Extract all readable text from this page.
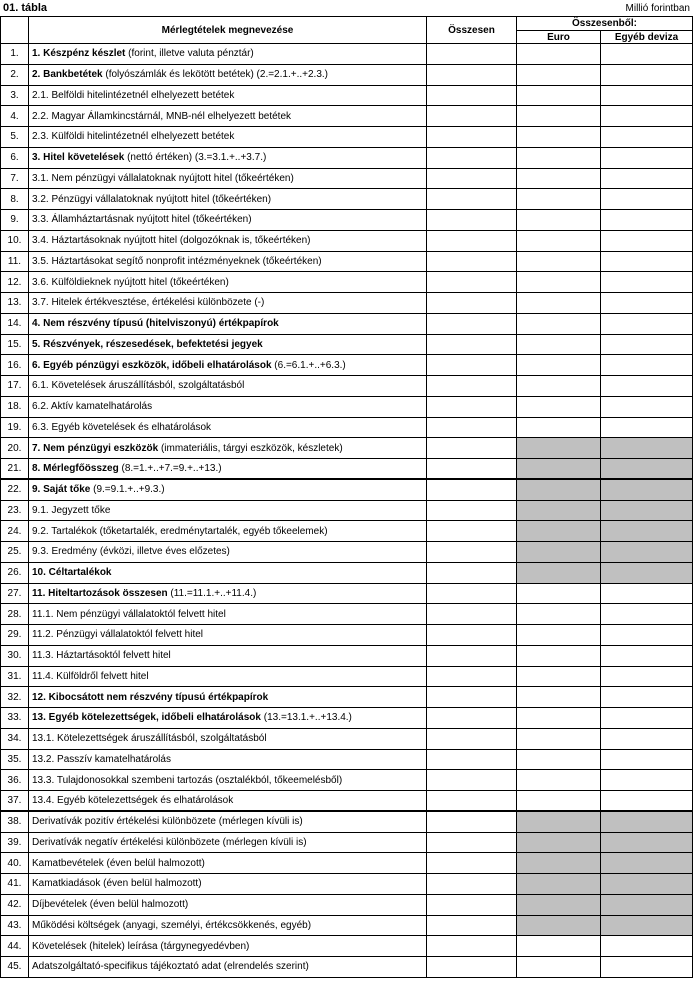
01. tábla	Millió forintban
	Mérlegtételek megnevezése	Összesen	Összesenből:	
			Euro	Egyéb deviza
1.	1. Készpénz készlet (forint, illetve valuta pénztár)			
2.	2. Bankbetétek (folyószámlák és lekötött betétek) (2.=2.1.+..+2.3.)			
3.	2.1. Belföldi hitelintézetnél elhelyezett betétek			
4.	2.2. Magyar Államkincstárnál, MNB-nél elhelyezett betétek			
5.	2.3. Külföldi hitelintézetnél elhelyezett betétek			
6.	3. Hitel követelések (nettó értéken) (3.=3.1.+..+3.7.)			
7.	3.1. Nem pénzügyi vállalatoknak nyújtott hitel (tőkeértéken)			
8.	3.2. Pénzügyi vállalatoknak nyújtott hitel (tőkeértéken)			
9.	3.3. Államháztartásnak nyújtott hitel (tőkeértéken)			
10.	3.4. Háztartásoknak nyújtott hitel (dolgozóknak is, tőkeértéken)			
11.	3.5. Háztartásokat segítő nonprofit intézményeknek (tőkeértéken)			
12.	3.6. Külföldieknek nyújtott hitel (tőkeértéken)			
13.	3.7. Hitelek értékvesztése, értékelési különbözete (-)			
14.	4. Nem részvény típusú (hitelviszonyú) értékpapírok			
15.	5. Részvények, részesedések, befektetési jegyek			
16.	6. Egyéb pénzügyi eszközök, időbeli elhatárolások (6.=6.1.+..+6.3.)			
17.	6.1. Követelések áruszállításból, szolgáltatásból			
18.	6.2. Aktív kamatelhatárolás			
19.	6.3. Egyéb követelések és elhatárolások			
20.	7. Nem pénzügyi eszközök (immateriális, tárgyi eszközök, készletek)			
21.	8. Mérlegfőösszeg (8.=1.+..+7.=9.+..+13.)			
22.	9. Saját tőke (9.=9.1.+..+9.3.)			
23.	9.1. Jegyzett tőke			
24.	9.2. Tartalékok (tőketartalék, eredménytartalék, egyéb tőkeelemek)			
25.	9.3. Eredmény (évközi, illetve éves előzetes)			
26.	10. Céltartalékok			
27.	11. Hiteltartozások összesen (11.=11.1.+..+11.4.)			
28.	11.1. Nem pénzügyi vállalatoktól felvett hitel			
29.	11.2. Pénzügyi vállalatoktól felvett hitel			
30.	11.3. Háztartásoktól felvett hitel			
31.	11.4. Külföldről felvett hitel			
32.	12. Kibocsátott nem részvény típusú értékpapírok			
33.	13. Egyéb kötelezettségek, időbeli elhatárolások (13.=13.1.+..+13.4.)			
34.	13.1. Kötelezettségek áruszállításból, szolgáltatásból			
35.	13.2. Passzív kamatelhatárolás			
36.	13.3. Tulajdonosokkal szembeni tartozás (osztalékból, tőkeemelésből)			
37.	13.4. Egyéb kötelezettségek és elhatárolások			
38.	Derivatívák pozitív értékelési különbözete (mérlegen kívüli is)			
39.	Derivatívák negatív értékelési különbözete (mérlegen kívüli is)			
40.	Kamatbevételek (éven belül halmozott)			
41.	Kamatkiadások (éven belül halmozott)			
42.	Díjbevételek (éven belül halmozott)			
43.	Működési költségek (anyagi, személyi, értékcsökkenés, egyéb)			
44.	Követelések (hitelek) leírása (tárgynegyedévben)			
45.	Adatszolgáltató-specifikus tájékoztató adat (elrendelés szerint)			
